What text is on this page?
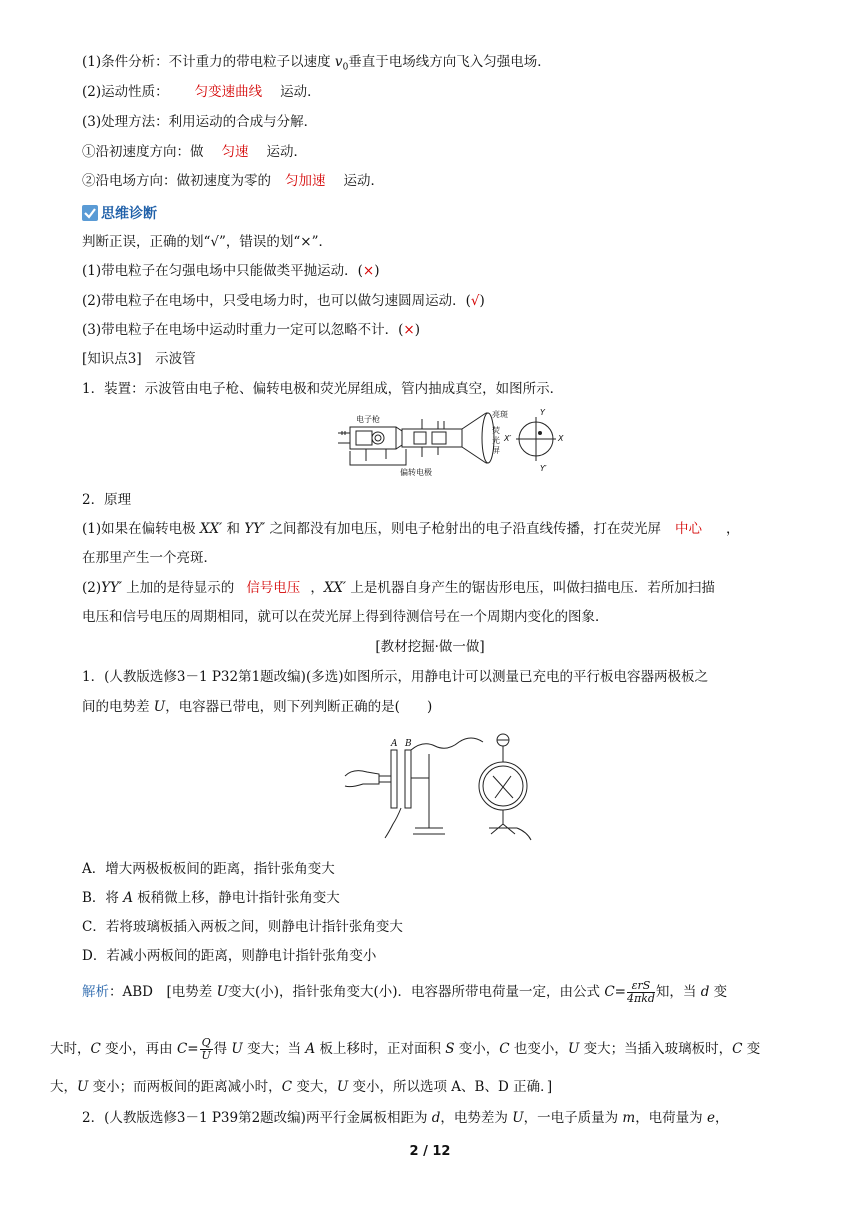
(1)条件分析：不计重力的带电粒子以速度 $v_0$垂直于电场线方向飞入匀强电场．
(2)运动性质： 匀变速曲线 运动．
(3)处理方法：利用运动的合成与分解．
①沿初速度方向：做 匀速 运动．
②沿电场方向：做初速度为零的 匀加速 运动．
思维诊断
判断正误，正确的划“√”，错误的划“×”．
(1)带电粒子在匀强电场中只能做类平抛运动．(×)
(2)带电粒子在电场中，只受电场力时，也可以做匀速圆周运动．(√)
(3)带电粒子在电场中运动时重力一定可以忽略不计．(×)
[知识点3]　示波管
1．装置：示波管由电子枪、偏转电极和荧光屏组成，管内抽成真空，如图所示．
电子枪
偏转电极
亮斑
荧
光
屏
Y
Y′
X
X′
2．原理
(1)如果在偏转电极 XX′ 和 YY′ 之间都没有加电压，则电子枪射出的电子沿直线传播，打在荧光屏 中心 ，
在那里产生一个亮斑．
(2)YY′ 上加的是待显示的 信号电压 ，XX′ 上是机器自身产生的锯齿形电压，叫做扫描电压．若所加扫描
电压和信号电压的周期相同，就可以在荧光屏上得到待测信号在一个周期内变化的图象．
[教材挖掘·做一做]
1．(人教版选修3－1 P32第1题改编)(多选)如图所示，用静电计可以测量已充电的平行板电容器两极板之
间的电势差 U，电容器已带电，则下列判断正确的是(　　)
A B
A．增大两极板板间的距离，指针张角变大
B．将 A 板稍微上移，静电计指针张角变大
C．若将玻璃板插入两板之间，则静电计指针张角变大
D．若减小两板间的距离，则静电计指针张角变小
解析：ABD　[电势差 U变大(小)，指针张角变大(小)．电容器所带电荷量一定，由公式 $C= \frac{\text{εrS}}{\text{4πkd}}$ 知，当 d 变
大时，C 变小，再由 $C= \frac{Q}{U}$ 得 U 变大；当 A 板上移时，正对面积 S 变小，C 也变小，U 变大；当插入玻璃板时，C 变
大，U 变小；而两板间的距离减小时，C 变大，U 变小，所以选项 A、B、D 正确．]
2．(人教版选修3－1 P39第2题改编)两平行金属板相距为 d，电势差为 U，一电子质量为 m，电荷量为 e，
2 / 12
